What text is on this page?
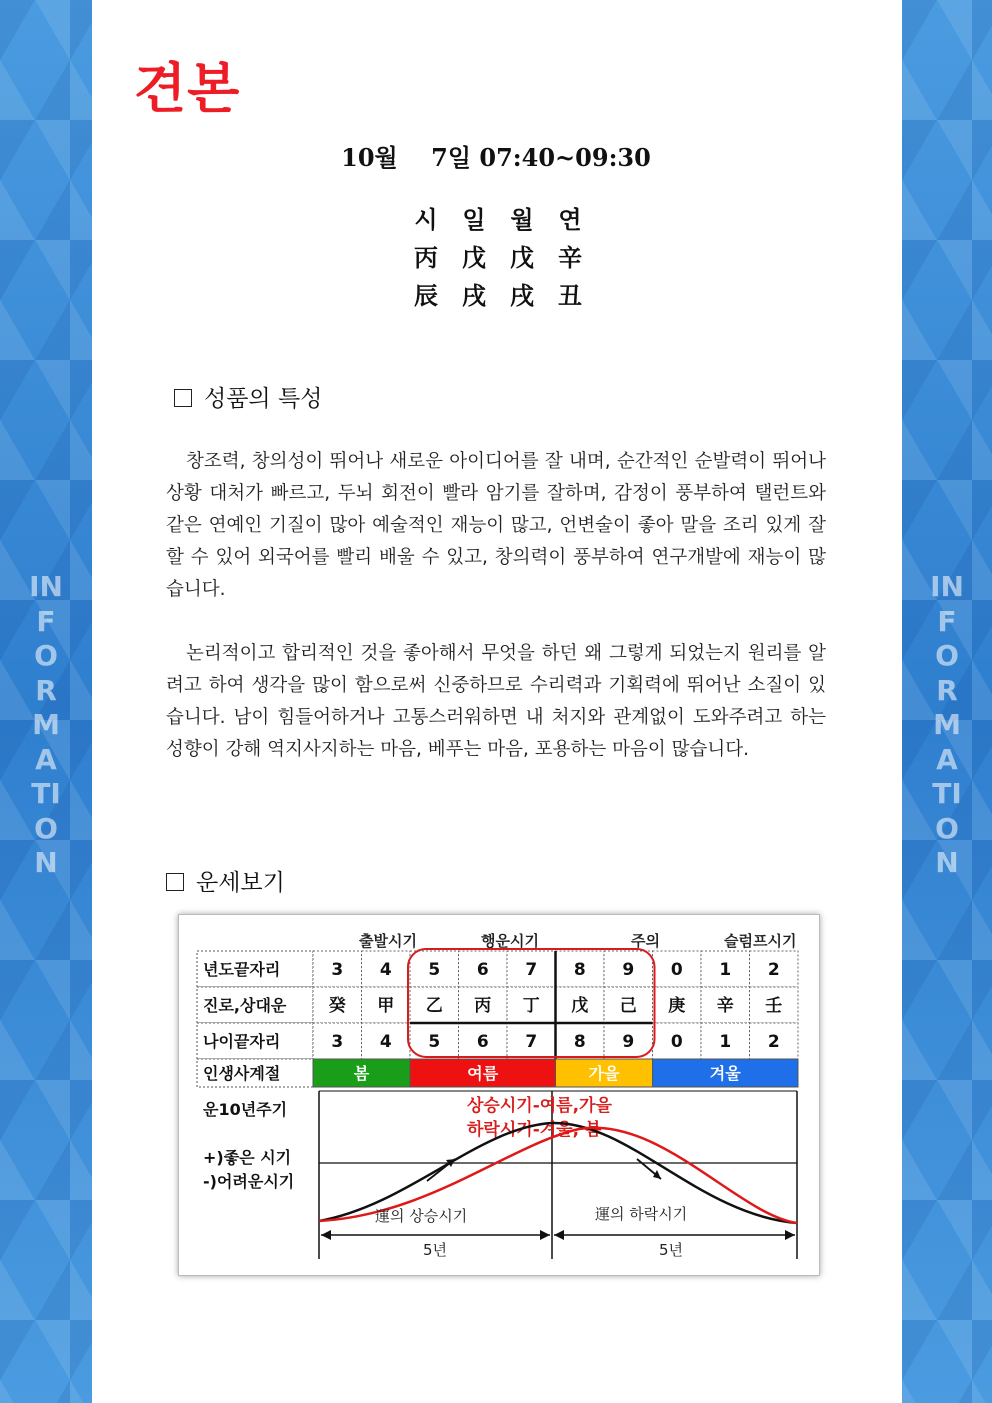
INFORMATION
INFORMATION
견본
10월    7일 07:40~09:30
시 일 월 연
丙 戊 戊 辛
辰 戌 戌 丑
성품의 특성
창조력, 창의성이 뛰어나 새로운 아이디어를 잘 내며, 순간적인 순발력이 뛰어나 상황 대처가 빠르고, 두뇌 회전이 빨라 암기를 잘하며, 감정이 풍부하여 탤런트와 같은 연예인 기질이 많아 예술적인 재능이 많고, 언변술이 좋아 말을 조리 있게 잘할 수 있어 외국어를 빨리 배울 수 있고, 창의력이 풍부하여 연구개발에 재능이 많습니다.
논리적이고 합리적인 것을 좋아해서 무엇을 하던 왜 그렇게 되었는지 원리를 알려고 하여 생각을 많이 함으로써 신중하므로 수리력과 기획력에 뛰어난 소질이 있습니다. 남이 힘들어하거나 고통스러워하면 내 처지와 관계없이 도와주려고 하는 성향이 강해 역지사지하는 마음, 베푸는 마음, 포용하는 마음이 많습니다.
운세보기
출발시기	행운시기	주의	슬럼프시기
년도끝자리	3 4 5 6 7 8 9 0 1 2
진로,상대운 癸 甲 乙 丙 丁 戊 己 庚 辛 壬
나이끝자리	3 4 5 6 7 8 9 0 1 2
인생사계절	봄	여름	가을	겨울
운10년주기
+)좋은 시기
-)어려운시기
상승시기-여름,가을
하락시기-겨울, 봄
運의 상승시기	運의 하락시기
5년	5년
